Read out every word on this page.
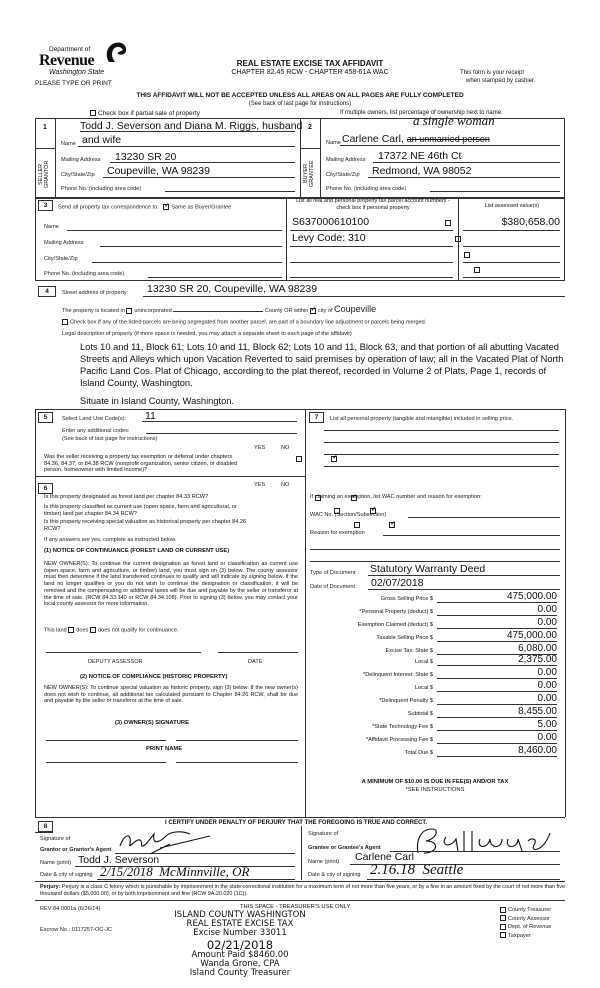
Department of
Revenue
Washington State
PLEASE TYPE OR PRINT
REAL ESTATE EXCISE TAX AFFIDAVIT
CHAPTER 82.45 RCW - CHAPTER 458-61A WAC	This form is your receipt
when stamped by cashier.
THIS AFFIDAVIT WILL NOT BE ACCEPTED UNLESS ALL AREAS ON ALL PAGES ARE FULLY COMPLETED
(See back of last page for instructions)
Check box if partial sale of property	If multiple owners, list percentage of ownership next to name.
1
SELLER GRANTOR
Todd J. Severson and Diana M. Riggs, husband
Name and wife
Mailing Address 13230 SR 20
City/State/Zip Coupeville, WA 98239
Phone No. (including area code)
2
BUYER GRANTEE
a single woman
Name Carlene Carl, an unmarried person
Mailing Address 17372 NE 46th Ct
City/State/Zip Redmond, WA 98052
Phone No. (including area code)
3	Send all property tax correspondence to: ✓ Same as Buyer/Grantee
Name
Mailing Address
City/State/Zip
Phone No. (including area code)
List all real and personal property tax parcel account numbers - check box if personal property	List assessed value(s)
S637000610100
	$380,658.00
Levy Code: 310

4	Street address of property: 13230 SR 20, Coupeville, WA 98239
The property is located in unincorporated	County OR within ✓ city of Coupeville
Check box if any of the listed parcels are being segregated from another parcel, are part of a boundary line adjustment or parcels being merged.
Legal description of property (if more space is needed, you may attach a separate sheet to each page of the affidavit)
Lots 10 and 11, Block 61; Lots 10 and 11, Block 62; Lots 10 and 11, Block 63, and that portion of all abutting Vacated Streets and Alleys which upon Vacation Reverted to said premises by operation of law; all in the Vacated Plat of North Pacific Land Cos. Plat of Chicago, according to the plat thereof, recorded in Volume 2 of Plats, Page 1, records of Island County, Washington.
Situate in Island County, Washington.
5	Select Land Use Code(s): 11
Enter any additional codes:
(See back of last page for instructions)
YES	NO
Was the seller receiving a property tax exemption or deferral under chapters 84.36, 84.37, or 84.38 RCW (nonprofit organization, senior citizen, or disabled person, homeowner with limited income)?
✓
6	YES	NO
Is this property designated as forest land per chapter 84.33 RCW?
✓
Is this property classified as current use (open space, farm and agricultural, or timber) land per chapter 84.34 RCW?
✓
Is this property receiving special valuation as historical property per chapter 84.26 RCW?
✓
If any answers are yes, complete as instructed below.
(1) NOTICE OF CONTINUANCE (FOREST LAND OR CURRENT USE)
NEW OWNER(S): To continue the current designation as forest land or classification as current use (open space, farm and agriculture, or timber) land, you must sign on (3) below. The county assessor must then determine if the land transferred continues to qualify and will indicate by signing below. If the land no longer qualifies or you do not wish to continue the designation or classification, it will be removed and the compensating or additional taxes will be due and payable by the seller or transferor at the time of sale. (RCW 84.33.140 or RCW 84.34.108). Prior to signing (3) below, you may contact your local county assessor for more information.
This land does does not qualify for continuance.
DEPUTY ASSESSOR	DATE
(2) NOTICE OF COMPLIANCE (HISTORIC PROPERTY)
NEW OWNER(S): To continue special valuation as historic property, sign (3) below. If the new owner(s) does not wish to continue, all additional tax calculated pursuant to Chapter 84.26 RCW, shall be due and payable by the seller or transferor at the time of sale.
(3) OWNER(S) SIGNATURE
PRINT NAME
7	List all personal property (tangible and intangible) included in selling price.
If claiming an exemption, list WAC number and reason for exemption:
WAC No. (Section/Subsection)
Reason for exemption
Type of Document Statutory Warranty Deed
Date of Document 02/07/2018
Gross Selling Price $	475,000.00
*Personal Property (deduct) $	0.00
Exemption Claimed (deduct) $	0.00
Taxable Selling Price $	475,000.00
Excise Tax: State $	6,080.00
Local $	2,375.00
*Delinquent Interest: State $	0.00
Local $	0.00
*Delinquent Penalty $	0.00
Subtotal $	8,455.00
*State Technology Fee $	5.00
*Affidavit Processing Fee $	0.00
Total Due $	8,460.00
A MINIMUM OF $10.00 IS DUE IN FEE(S) AND/OR TAX
*SEE INSTRUCTIONS
8	I CERTIFY UNDER PENALTY OF PERJURY THAT THE FOREGOING IS TRUE AND CORRECT.
Signature of
Grantor or Grantor's Agent
Name (print) Todd J. Severson
Date & city of signing 2/15/2018  McMinnville, OR
Signature of
Grantee or Grantee's Agent
Name (print) Carlene Carl
Date & city of signing 2.16.18  Seattle
Perjury: Perjury is a class C felony which is punishable by imprisonment in the state correctional institution for a maximum term of not more than five years, or by a fine in an amount fixed by the court of not more than five thousand dollars ($5,000.00), or by both imprisonment and fine (RCW 9A.20.020 (1C)).
REV 84 0001a (6/26/14)
Escrow No.: 0117257-OC-JC
THIS SPACE - TREASURER'S USE ONLY
ISLAND COUNTY WASHINGTON
REAL ESTATE EXCISE TAX
Excise Number 33011
02/21/2018
Amount Paid $8460.00
Wanda Grone, CPA
Island County Treasurer
County Treasurer
County Assessor
Dept. of Revenue
Taxpayer
